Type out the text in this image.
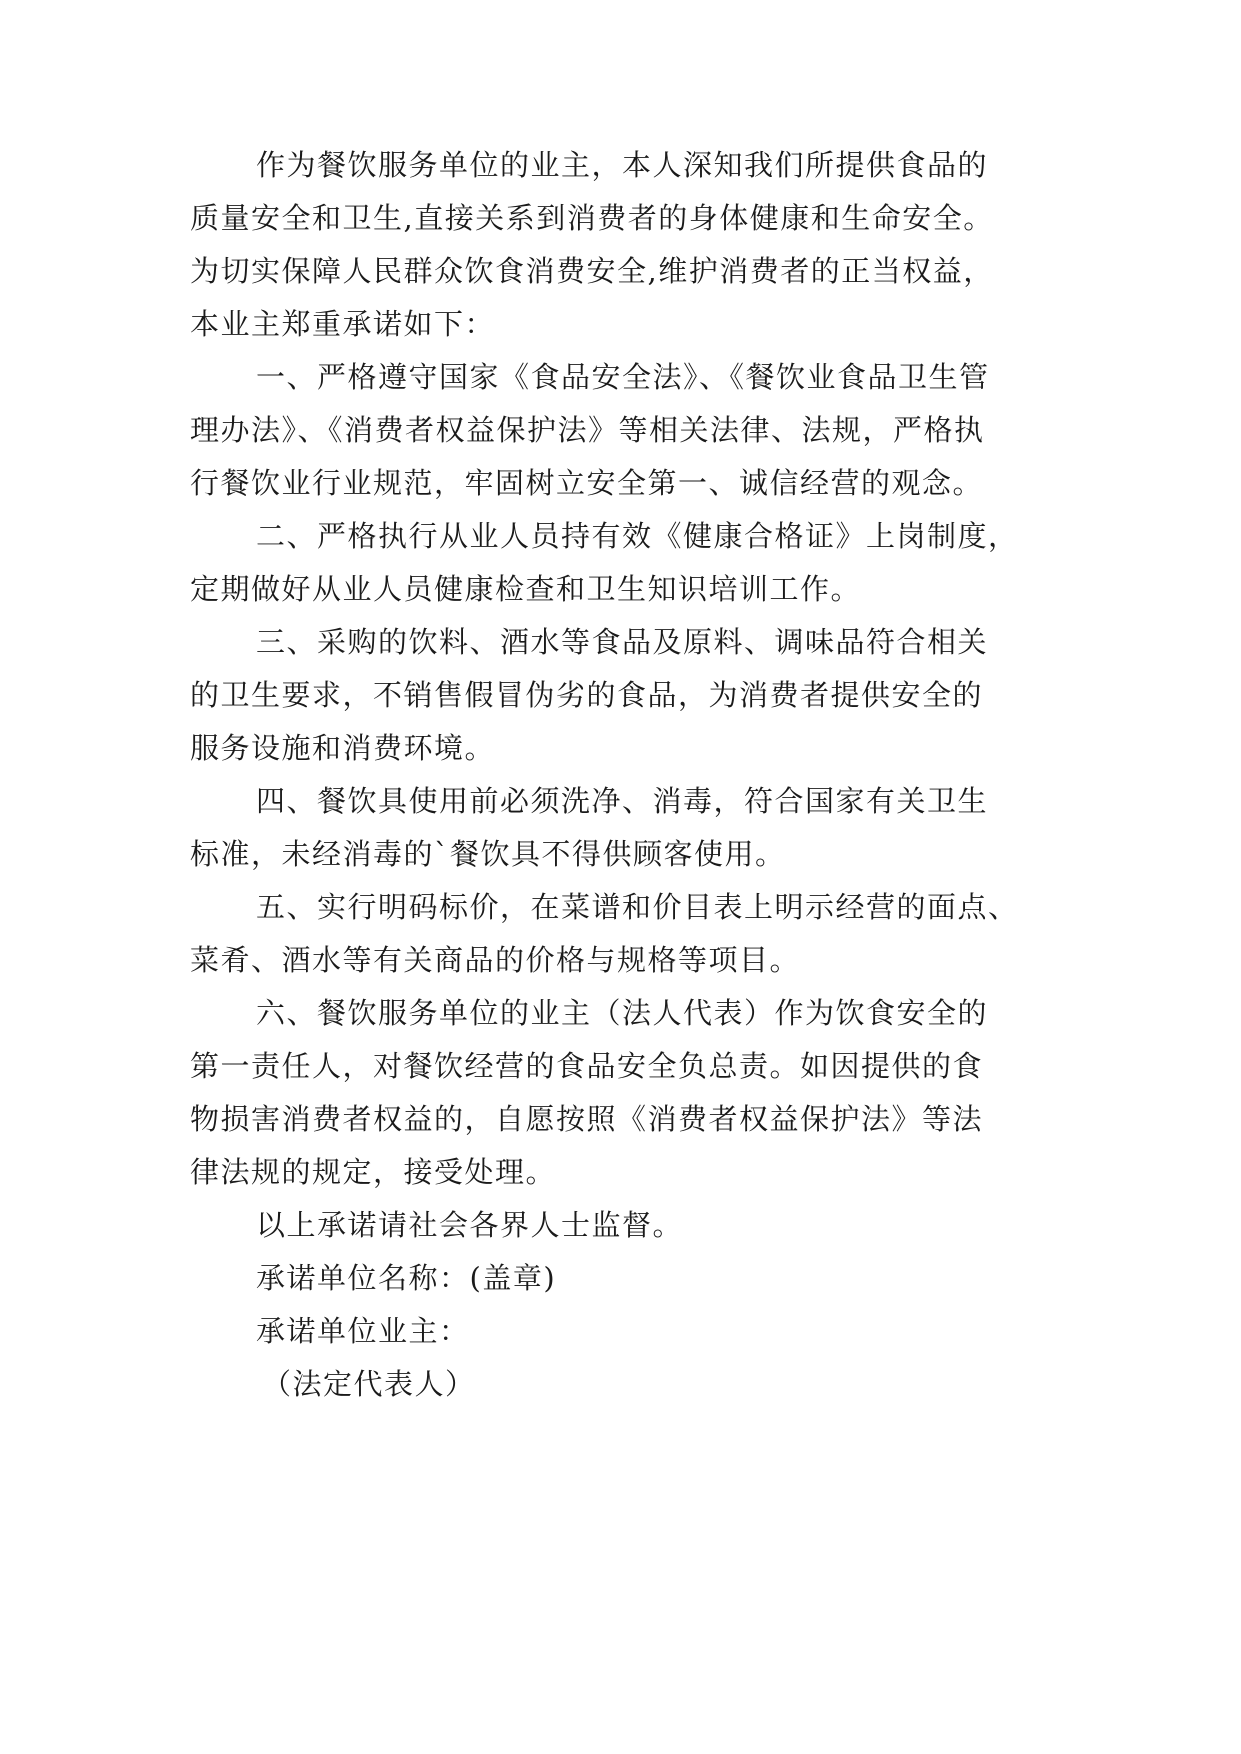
作为餐饮服务单位的业主，本人深知我们所提供食品的
质量安全和卫生,直接关系到消费者的身体健康和生命安全。
为切实保障人民群众饮食消费安全,维护消费者的正当权益，
本业主郑重承诺如下：
一、严格遵守国家《食品安全法》、《餐饮业食品卫生管
理办法》、《消费者权益保护法》等相关法律、法规，严格执
行餐饮业行业规范，牢固树立安全第一、诚信经营的观念。
二、严格执行从业人员持有效《健康合格证》上岗制度，
定期做好从业人员健康检查和卫生知识培训工作。
三、采购的饮料、酒水等食品及原料、调味品符合相关
的卫生要求，不销售假冒伪劣的食品，为消费者提供安全的
服务设施和消费环境。
四、餐饮具使用前必须洗净、消毒，符合国家有关卫生
标准，未经消毒的`餐饮具不得供顾客使用。
五、实行明码标价，在菜谱和价目表上明示经营的面点、
菜肴、酒水等有关商品的价格与规格等项目。
六、餐饮服务单位的业主（法人代表）作为饮食安全的
第一责任人，对餐饮经营的食品安全负总责。如因提供的食
物损害消费者权益的，自愿按照《消费者权益保护法》等法
律法规的规定，接受处理。
以上承诺请社会各界人士监督。
承诺单位名称：(盖章)
承诺单位业主：
（法定代表人）
